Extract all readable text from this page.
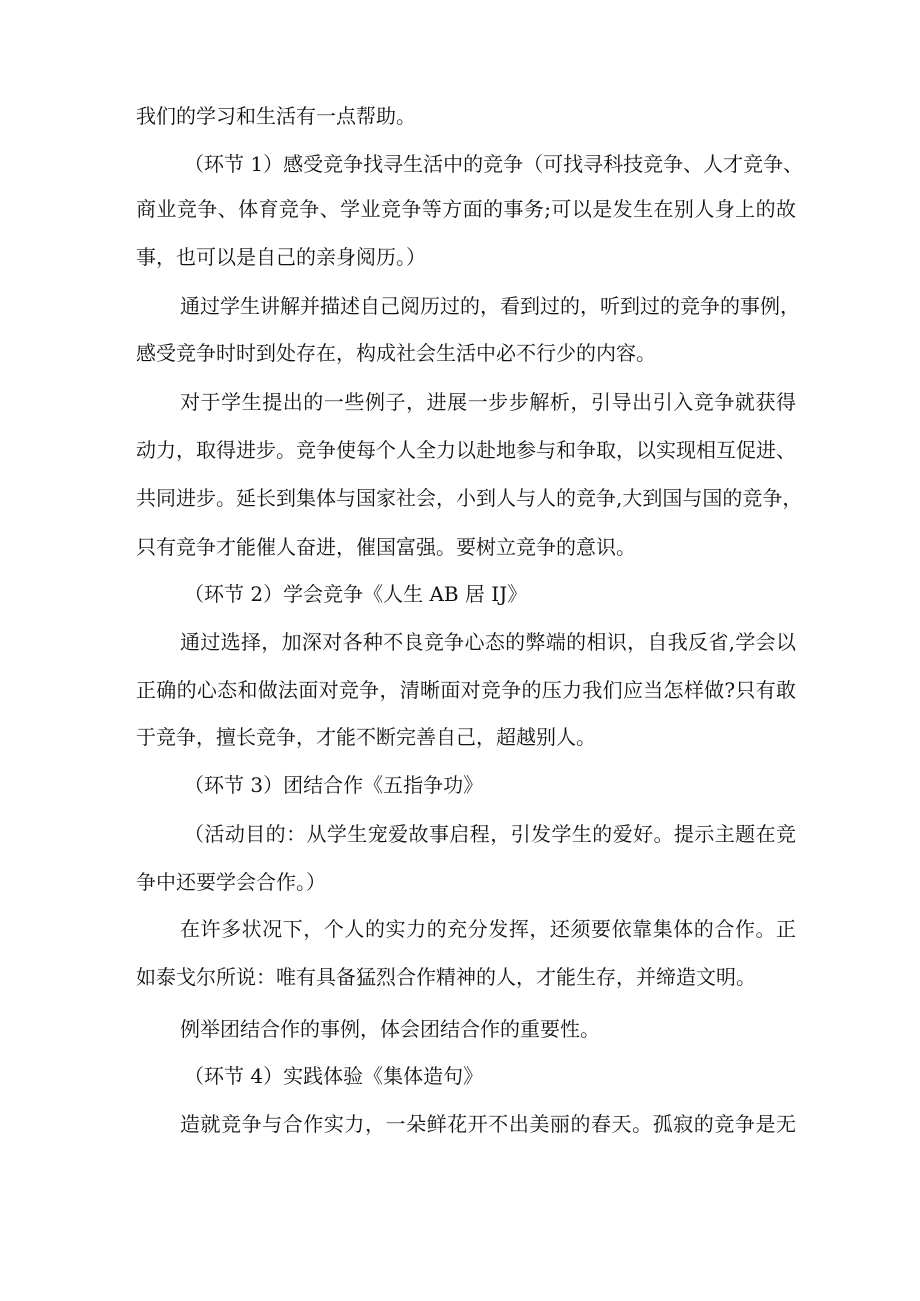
我们的学习和生活有一点帮助。
（环节 1）感受竞争找寻生活中的竞争（可找寻科技竞争、人才竞争、
商业竞争、体育竞争、学业竞争等方面的事务;可以是发生在别人身上的故
事，也可以是自己的亲身阅历。）
通过学生讲解并描述自己阅历过的，看到过的，听到过的竞争的事例，
感受竞争时时到处存在，构成社会生活中必不行少的内容。
对于学生提出的一些例子，进展一步步解析，引导出引入竞争就获得
动力，取得进步。竞争使每个人全力以赴地参与和争取，以实现相互促进、
共同进步。延长到集体与国家社会，小到人与人的竞争,大到国与国的竞争，
只有竞争才能催人奋进，催国富强。要树立竞争的意识。
（环节 2）学会竞争《人生 AB 居 IJ》
通过选择，加深对各种不良竞争心态的弊端的相识，自我反省,学会以
正确的心态和做法面对竞争，清晰面对竞争的压力我们应当怎样做?只有敢
于竞争，擅长竞争，才能不断完善自己，超越别人。
（环节 3）团结合作《五指争功》
（活动目的：从学生宠爱故事启程，引发学生的爱好。提示主题在竞
争中还要学会合作。）
在许多状况下，个人的实力的充分发挥，还须要依靠集体的合作。正
如泰戈尔所说：唯有具备猛烈合作精神的人，才能生存，并缔造文明。
例举团结合作的事例，体会团结合作的重要性。
（环节 4）实践体验《集体造句》
造就竞争与合作实力，一朵鲜花开不出美丽的春天。孤寂的竞争是无
